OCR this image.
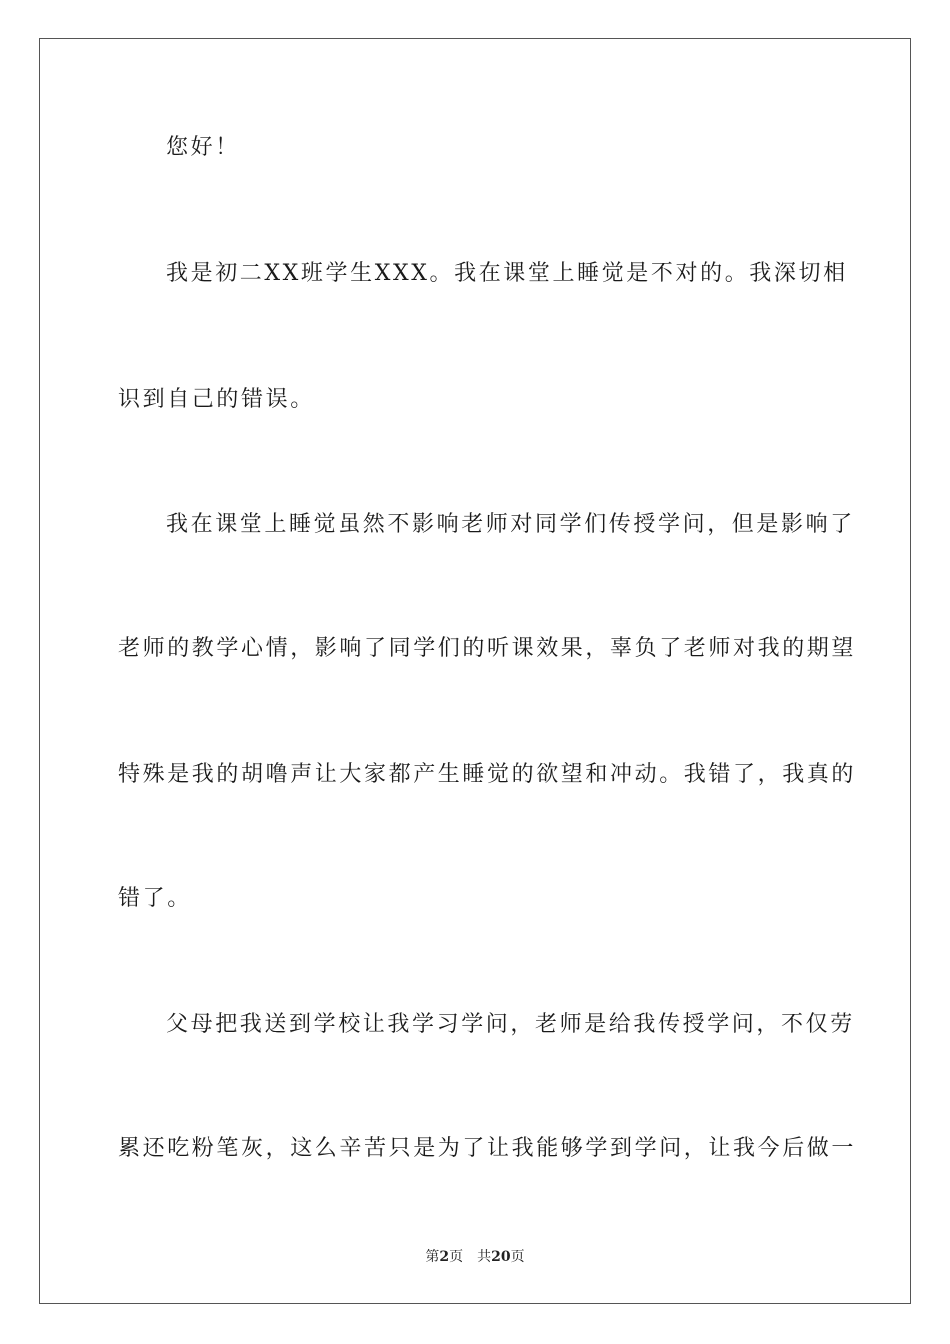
您好！
我是初二XX班学生XXX。我在课堂上睡觉是不对的。我深切相
识到自己的错误。
我在课堂上睡觉虽然不影响老师对同学们传授学问，但是影响了
老师的教学心情，影响了同学们的听课效果，辜负了老师对我的期望
特殊是我的胡噜声让大家都产生睡觉的欲望和冲动。我错了，我真的
错了。
父母把我送到学校让我学习学问，老师是给我传授学问，不仅劳
累还吃粉笔灰，这么辛苦只是为了让我能够学到学问，让我今后做一
第2页 共20页
